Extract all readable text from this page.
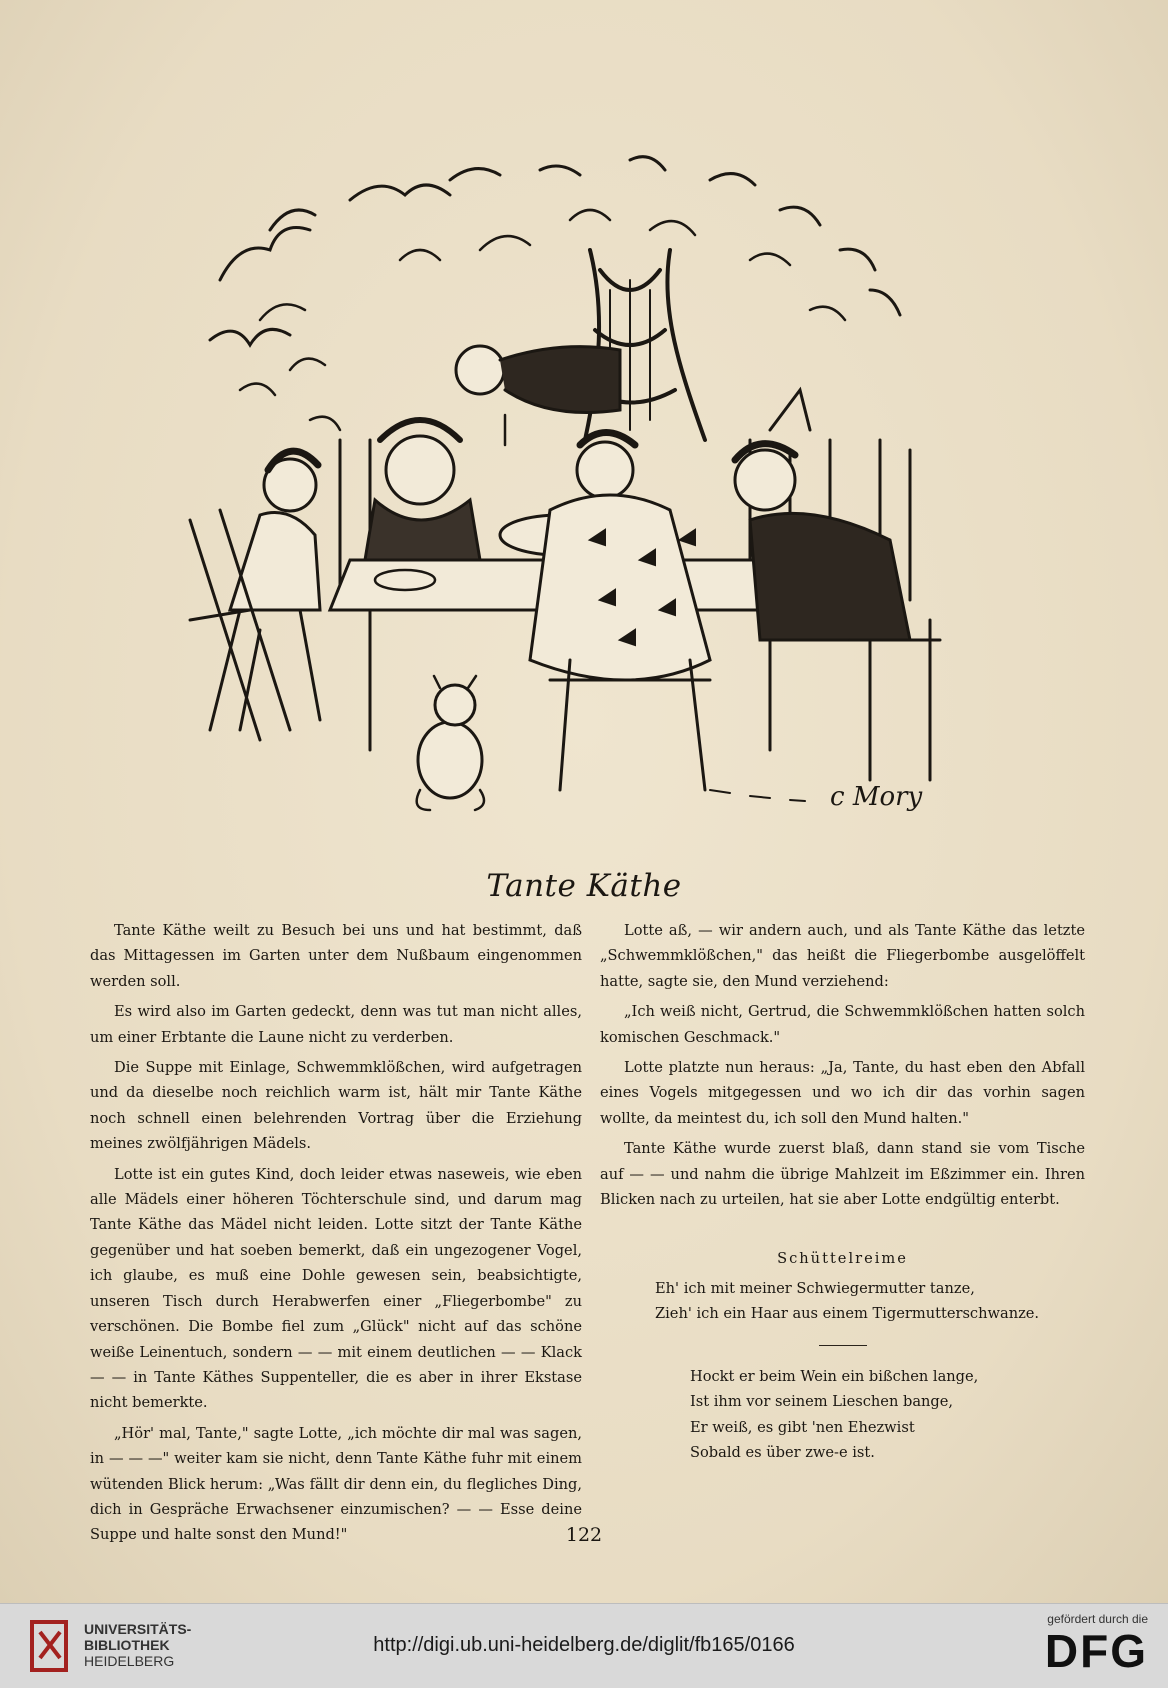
c Mory
Tante Käthe

Tante Käthe weilt zu Besuch bei uns und hat bestimmt, daß das Mittagessen im Garten unter dem Nußbaum eingenommen werden soll.

Es wird also im Garten gedeckt, denn was tut man nicht alles, um einer Erbtante die Laune nicht zu verderben.

Die Suppe mit Einlage, Schwemmklößchen, wird aufgetragen und da dieselbe noch reichlich warm ist, hält mir Tante Käthe noch schnell einen belehrenden Vortrag über die Erziehung meines zwölfjährigen Mädels.

Lotte ist ein gutes Kind, doch leider etwas naseweis, wie eben alle Mädels einer höheren Töchterschule sind, und darum mag Tante Käthe das Mädel nicht leiden. Lotte sitzt der Tante Käthe gegenüber und hat soeben bemerkt, daß ein ungezogener Vogel, ich glaube, es muß eine Dohle gewesen sein, beabsichtigte, unseren Tisch durch Herabwerfen einer „Fliegerbombe" zu verschönen. Die Bombe fiel zum „Glück" nicht auf das schöne weiße Leinentuch, sondern — — mit einem deutlichen — — Klack — — in Tante Käthes Suppenteller, die es aber in ihrer Ekstase nicht bemerkte.

„Hör' mal, Tante," sagte Lotte, „ich möchte dir mal was sagen, in — — —" weiter kam sie nicht, denn Tante Käthe fuhr mit einem wütenden Blick herum: „Was fällt dir denn ein, du flegliches Ding, dich in Gespräche Erwachsener einzumischen? — — Esse deine Suppe und halte sonst den Mund!"

Lotte aß, — wir andern auch, und als Tante Käthe das letzte „Schwemmklößchen," das heißt die Fliegerbombe ausgelöffelt hatte, sagte sie, den Mund verziehend:

„Ich weiß nicht, Gertrud, die Schwemmklößchen hatten solch komischen Geschmack."

Lotte platzte nun heraus: „Ja, Tante, du hast eben den Abfall eines Vogels mitgegessen und wo ich dir das vorhin sagen wollte, da meintest du, ich soll den Mund halten."

Tante Käthe wurde zuerst blaß, dann stand sie vom Tische auf — — und nahm die übrige Mahlzeit im Eßzimmer ein. Ihren Blicken nach zu urteilen, hat sie aber Lotte endgültig enterbt.

Schüttelreime
Eh' ich mit meiner Schwiegermutter tanze,
Zieh' ich ein Haar aus einem Tigermutterschwanze.
Hockt er beim Wein ein bißchen lange,
Ist ihm vor seinem Lieschen bange,
Er weiß, es gibt 'nen Ehezwist
Sobald es über zwe-e ist.
122
UNIVERSITÄTS-
BIBLIOTHEK
HEIDELBERG
http://digi.ub.uni-heidelberg.de/diglit/fb165/0166
gefördert durch die
DFG
